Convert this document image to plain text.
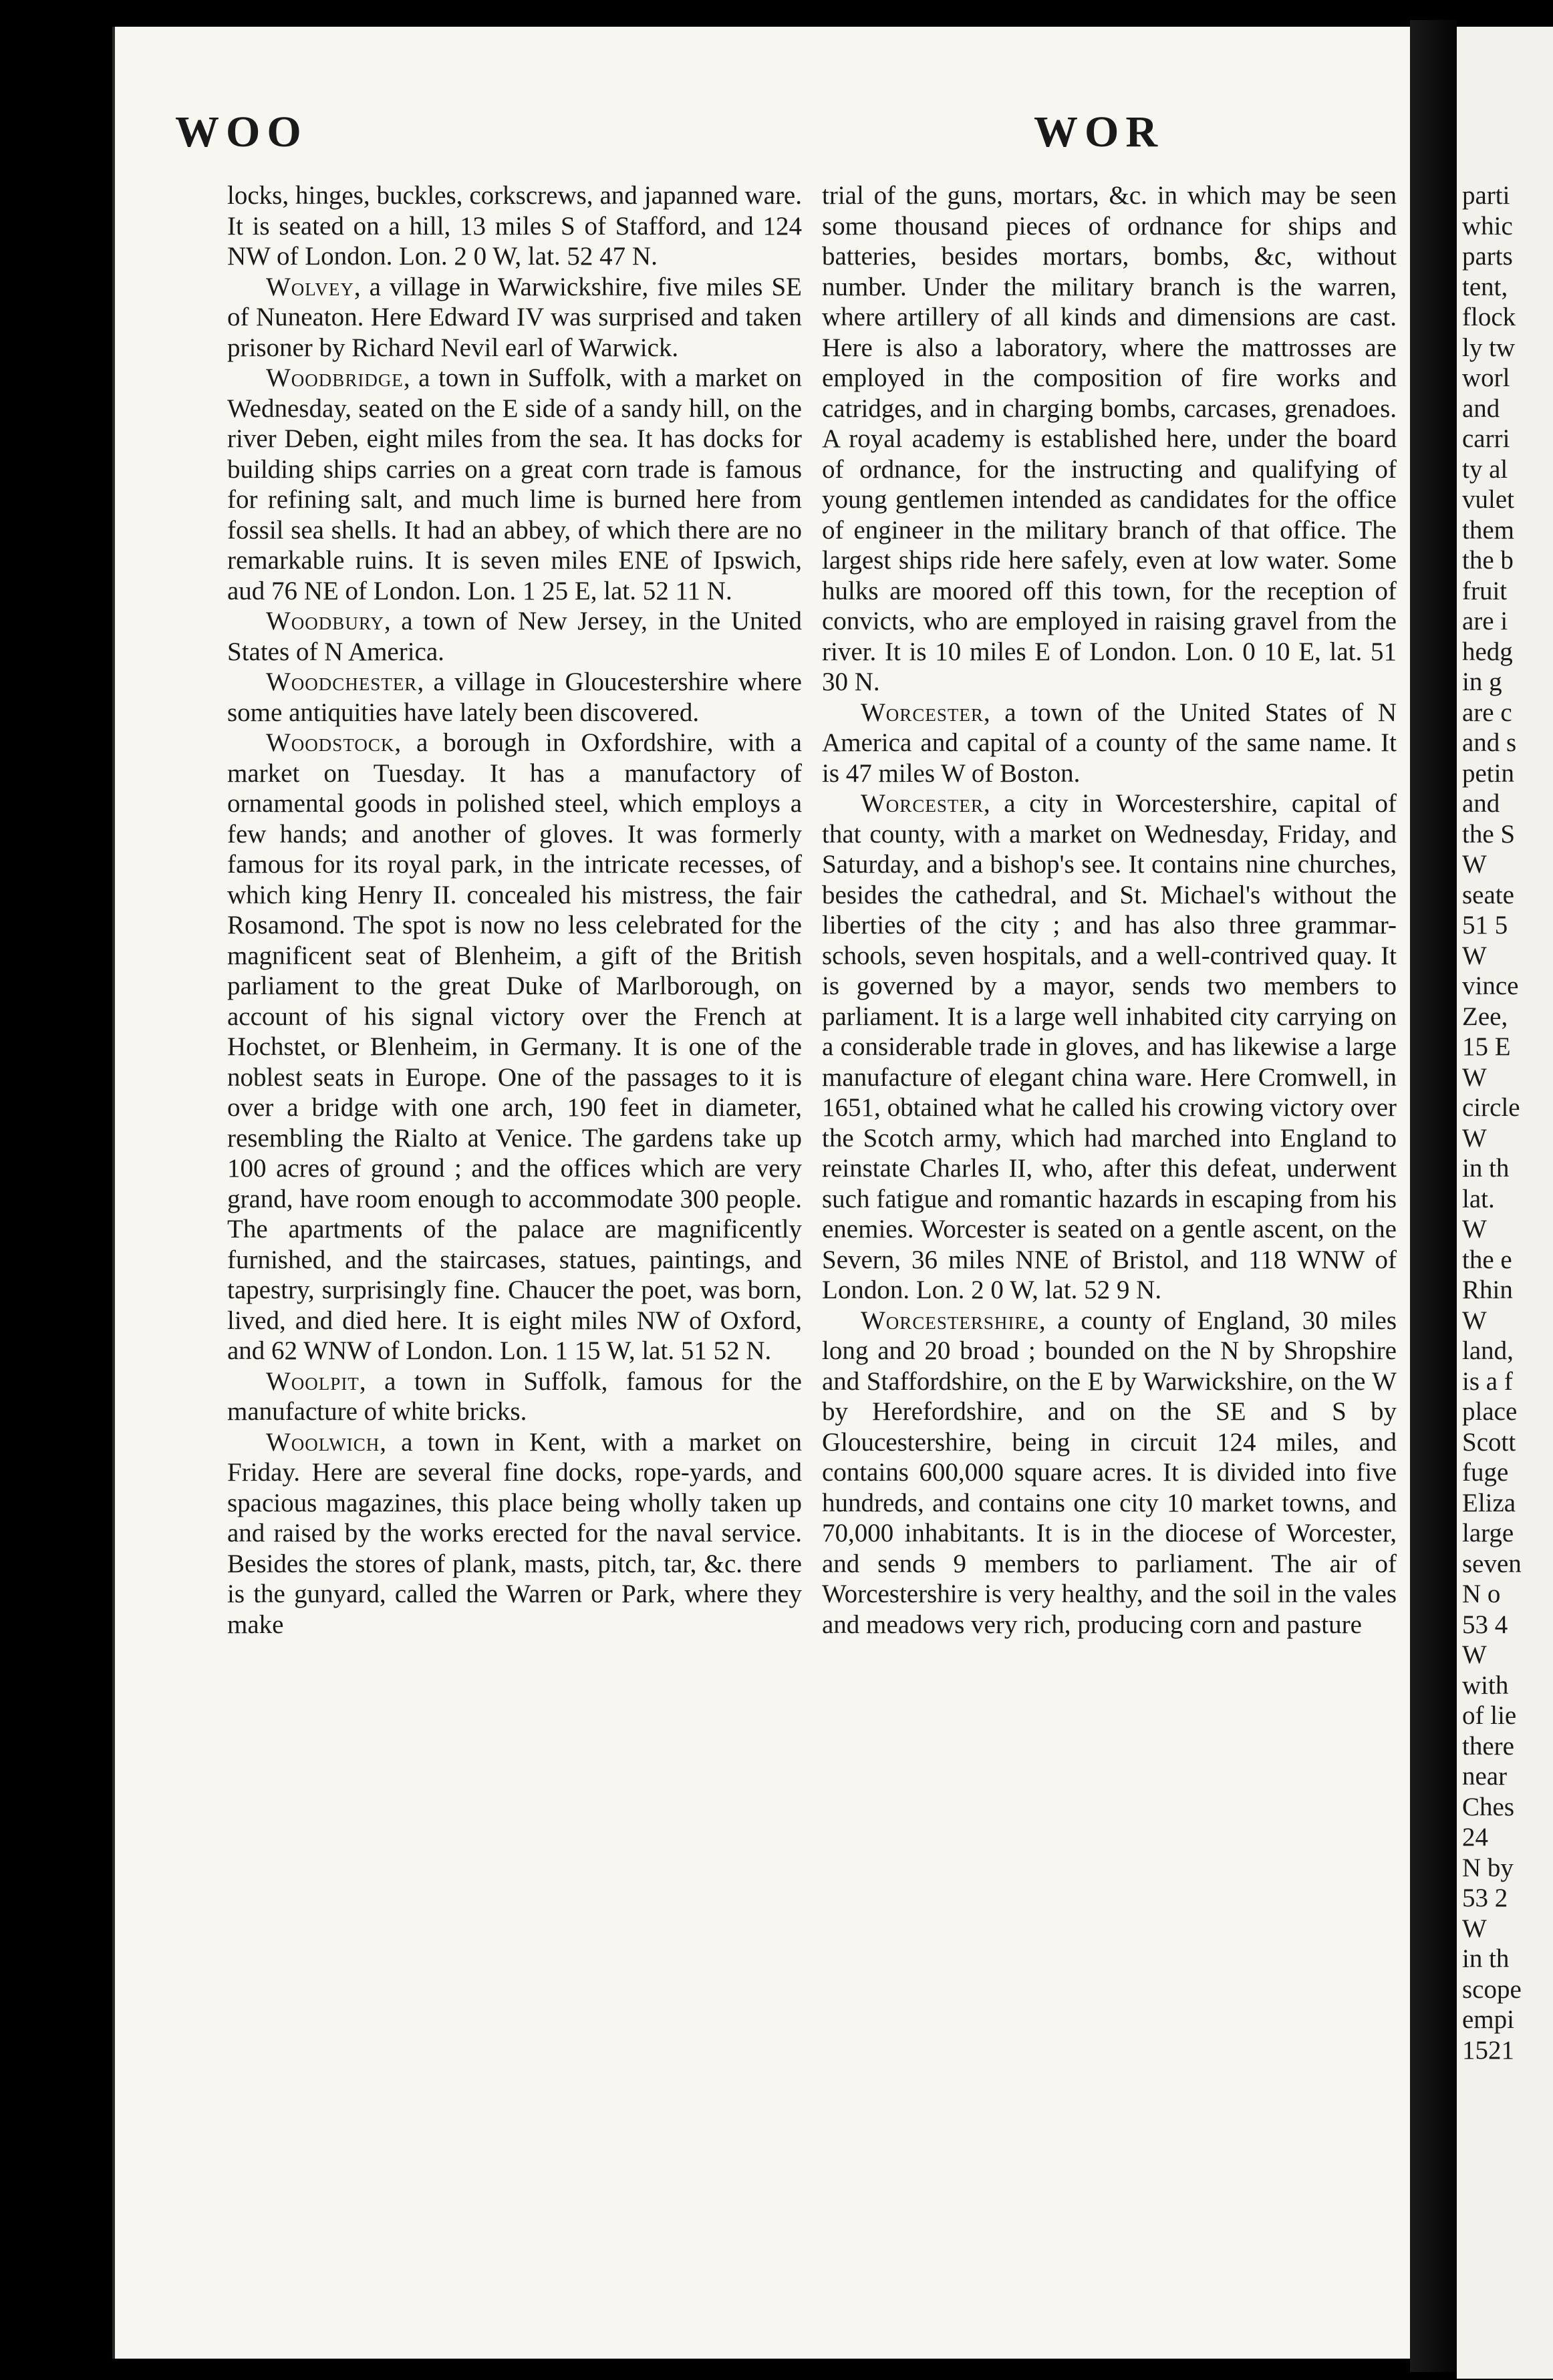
WOO	WOR

locks, hinges, buckles, corkscrews, and japanned ware. It is seated on a hill, 13 miles S of Stafford, and 124 NW of London. Lon. 2 0 W, lat. 52 47 N.

Wolvey, a village in Warwickshire, five miles SE of Nuneaton. Here Edward IV was surprised and taken prisoner by Richard Nevil earl of Warwick.

Woodbridge, a town in Suffolk, with a market on Wednesday, seated on the E side of a sandy hill, on the river Deben, eight miles from the sea. It has docks for building ships carries on a great corn trade is famous for refining salt, and much lime is burned here from fossil sea shells. It had an abbey, of which there are no remarkable ruins. It is seven miles ENE of Ipswich, aud 76 NE of London. Lon. 1 25 E, lat. 52 11 N.

Woodbury, a town of New Jersey, in the United States of N America.

Woodchester, a village in Gloucestershire where some antiquities have lately been discovered.

Woodstock, a borough in Oxfordshire, with a market on Tuesday. It has a manufactory of ornamental goods in polished steel, which employs a few hands; and another of gloves. It was formerly famous for its royal park, in the intricate recesses, of which king Henry II. concealed his mistress, the fair Rosamond. The spot is now no less celebrated for the magnificent seat of Blenheim, a gift of the British parliament to the great Duke of Marlborough, on account of his signal victory over the French at Hochstet, or Blenheim, in Germany. It is one of the noblest seats in Europe. One of the passages to it is over a bridge with one arch, 190 feet in diameter, resembling the Rialto at Venice. The gardens take up 100 acres of ground ; and the offices which are very grand, have room enough to accommodate 300 people. The apartments of the palace are magnificently furnished, and the staircases, statues, paintings, and tapestry, surprisingly fine. Chaucer the poet, was born, lived, and died here. It is eight miles NW of Oxford, and 62 WNW of London. Lon. 1 15 W, lat. 51 52 N.

Woolpit, a town in Suffolk, famous for the manufacture of white bricks.

Woolwich, a town in Kent, with a market on Friday. Here are several fine docks, rope-yards, and spacious magazines, this place being wholly taken up and raised by the works erected for the naval service. Besides the stores of plank, masts, pitch, tar, &c. there is the gunyard, called the Warren or Park, where they make

trial of the guns, mortars, &c. in which may be seen some thousand pieces of ordnance for ships and batteries, besides mortars, bombs, &c, without number. Under the military branch is the warren, where artillery of all kinds and dimensions are cast. Here is also a laboratory, where the mattrosses are employed in the composition of fire works and catridges, and in charging bombs, carcases, grenadoes. A royal academy is established here, under the board of ordnance, for the instructing and qualifying of young gentlemen intended as candidates for the office of engineer in the military branch of that office. The largest ships ride here safely, even at low water. Some hulks are moored off this town, for the reception of convicts, who are employed in raising gravel from the river. It is 10 miles E of London. Lon. 0 10 E, lat. 51 30 N.

Worcester, a town of the United States of N America and capital of a county of the same name. It is 47 miles W of Boston.

Worcester, a city in Worcestershire, capital of that county, with a market on Wednesday, Friday, and Saturday, and a bishop's see. It contains nine churches, besides the cathedral, and St. Michael's without the liberties of the city ; and has also three grammar-schools, seven hospitals, and a well-contrived quay. It is governed by a mayor, sends two members to parliament. It is a large well inhabited city carrying on a considerable trade in gloves, and has likewise a large manufacture of elegant china ware. Here Cromwell, in 1651, obtained what he called his crowing victory over the Scotch army, which had marched into England to reinstate Charles II, who, after this defeat, underwent such fatigue and romantic hazards in escaping from his enemies. Worcester is seated on a gentle ascent, on the Severn, 36 miles NNE of Bristol, and 118 WNW of London. Lon. 2 0 W, lat. 52 9 N.

Worcestershire, a county of England, 30 miles long and 20 broad ; bounded on the N by Shropshire and Staffordshire, on the E by Warwickshire, on the W by Herefordshire, and on the SE and S by Gloucestershire, being in circuit 124 miles, and contains 600,000 square acres. It is divided into five hundreds, and contains one city 10 market towns, and 70,000 inhabitants. It is in the diocese of Worcester, and sends 9 members to parliament. The air of Worcestershire is very healthy, and the soil in the vales and meadows very rich, producing corn and pasture

parti
whic
parts
tent,
flock
ly tw
worl
and
carri
ty al
vulet
them
the b
fruit
are i
hedg
in g
are c
and s
petin
and
the S
W
seate
51 5
W
vince
Zee,
15 E
W
circle
W
in th
lat.
W
the e
Rhin
W
land,
is a f
place
Scott
fuge
Eliza
large
seven
N o
53 4
W
with
of lie
there
near
Ches
24
N by
53 2
W
in th
scope
empi
1521
